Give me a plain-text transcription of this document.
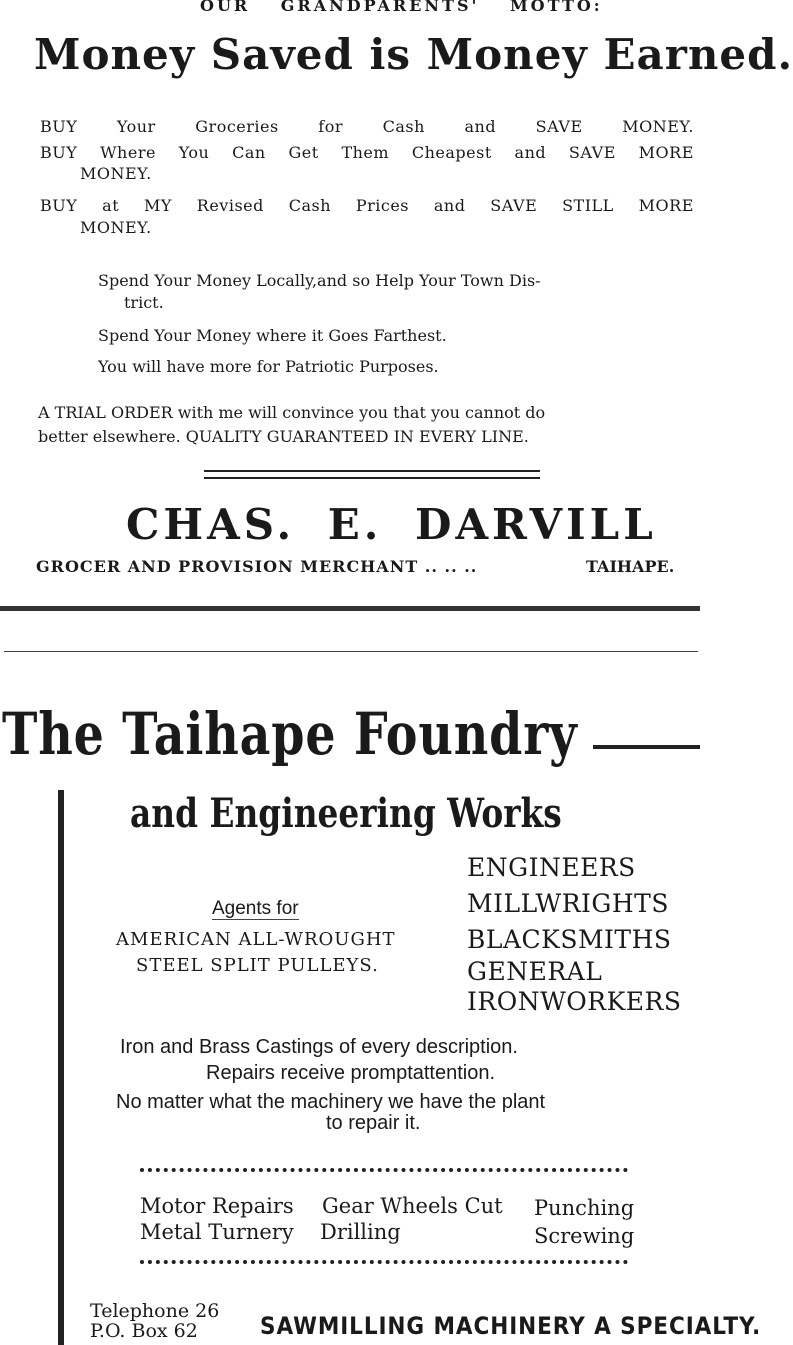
OUR GRANDPARENTS' MOTTO:
Money Saved is Money Earned.
BUY Your Groceries for Cash and SAVE MONEY.
BUY Where You Can Get Them Cheapest and SAVE MORE
MONEY.
BUY at MY Revised Cash Prices and SAVE STILL MORE
MONEY.
Spend Your Money Locally,and so Help Your Town Dis-
trict.
Spend Your Money where it Goes Farthest.
You will have more for Patriotic Purposes.
A TRIAL ORDER with me will convince you that you cannot do
better elsewhere. QUALITY GUARANTEED IN EVERY LINE.
CHAS. E. DARVILL
GROCER AND PROVISION MERCHANT .. .. ..	TAIHAPE.
The Taihape Foundry
and Engineering Works
ENGINEERS
MILLWRIGHTS
BLACKSMITHS
GENERAL
IRONWORKERS
Agents for
AMERICAN ALL-WROUGHT
STEEL SPLIT PULLEYS.
Iron and Brass Castings of every description.
Repairs receive promptattention.
No matter what the machinery we have the plant
to repair it.
Motor Repairs
Metal Turnery
Gear Wheels Cut
Drilling
Punching
Screwing
Telephone 26
P.O. Box 62	SAWMILLING MACHINERY A SPECIALTY.
